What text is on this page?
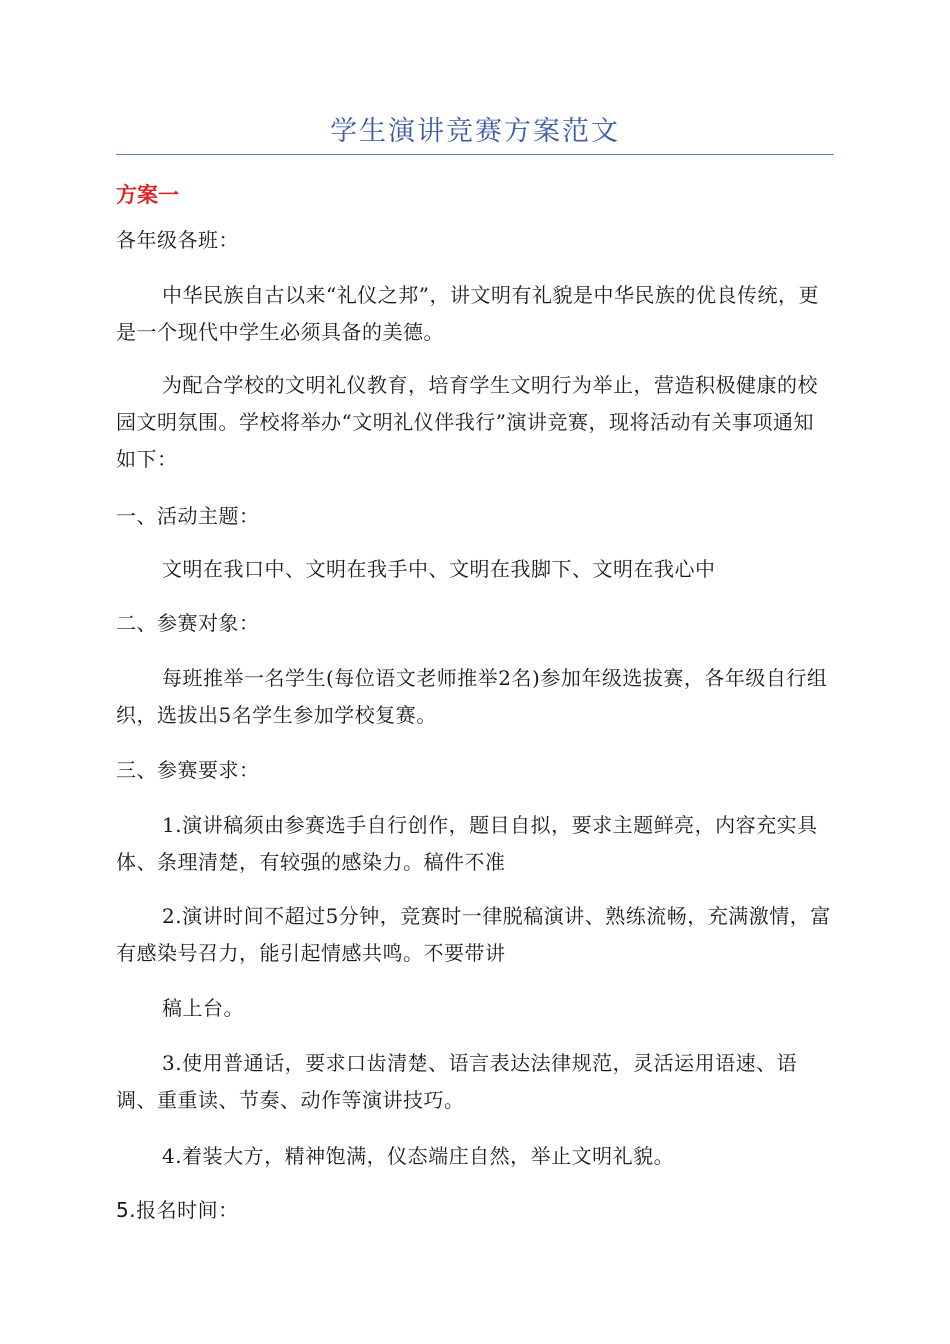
学生演讲竞赛方案范文
方案一

各年级各班：

中华民族自古以来“礼仪之邦”，讲文明有礼貌是中华民族的优良传统，更是一个现代中学生必须具备的美德。

为配合学校的文明礼仪教育，培育学生文明行为举止，营造积极健康的校园文明氛围。学校将举办“文明礼仪伴我行”演讲竞赛，现将活动有关事项通知如下：

一、活动主题：

文明在我口中、文明在我手中、文明在我脚下、文明在我心中

二、参赛对象：

每班推举一名学生(每位语文老师推举2名)参加年级选拔赛，各年级自行组织，选拔出5名学生参加学校复赛。

三、参赛要求：

1.演讲稿须由参赛选手自行创作，题目自拟，要求主题鲜亮，内容充实具体、条理清楚，有较强的感染力。稿件不准

2.演讲时间不超过5分钟，竞赛时一律脱稿演讲、熟练流畅，充满激情，富有感染号召力，能引起情感共鸣。不要带讲

稿上台。

3.使用普通话，要求口齿清楚、语言表达法律规范，灵活运用语速、语调、重重读、节奏、动作等演讲技巧。

4.着装大方，精神饱满，仪态端庄自然，举止文明礼貌。

5.报名时间：
